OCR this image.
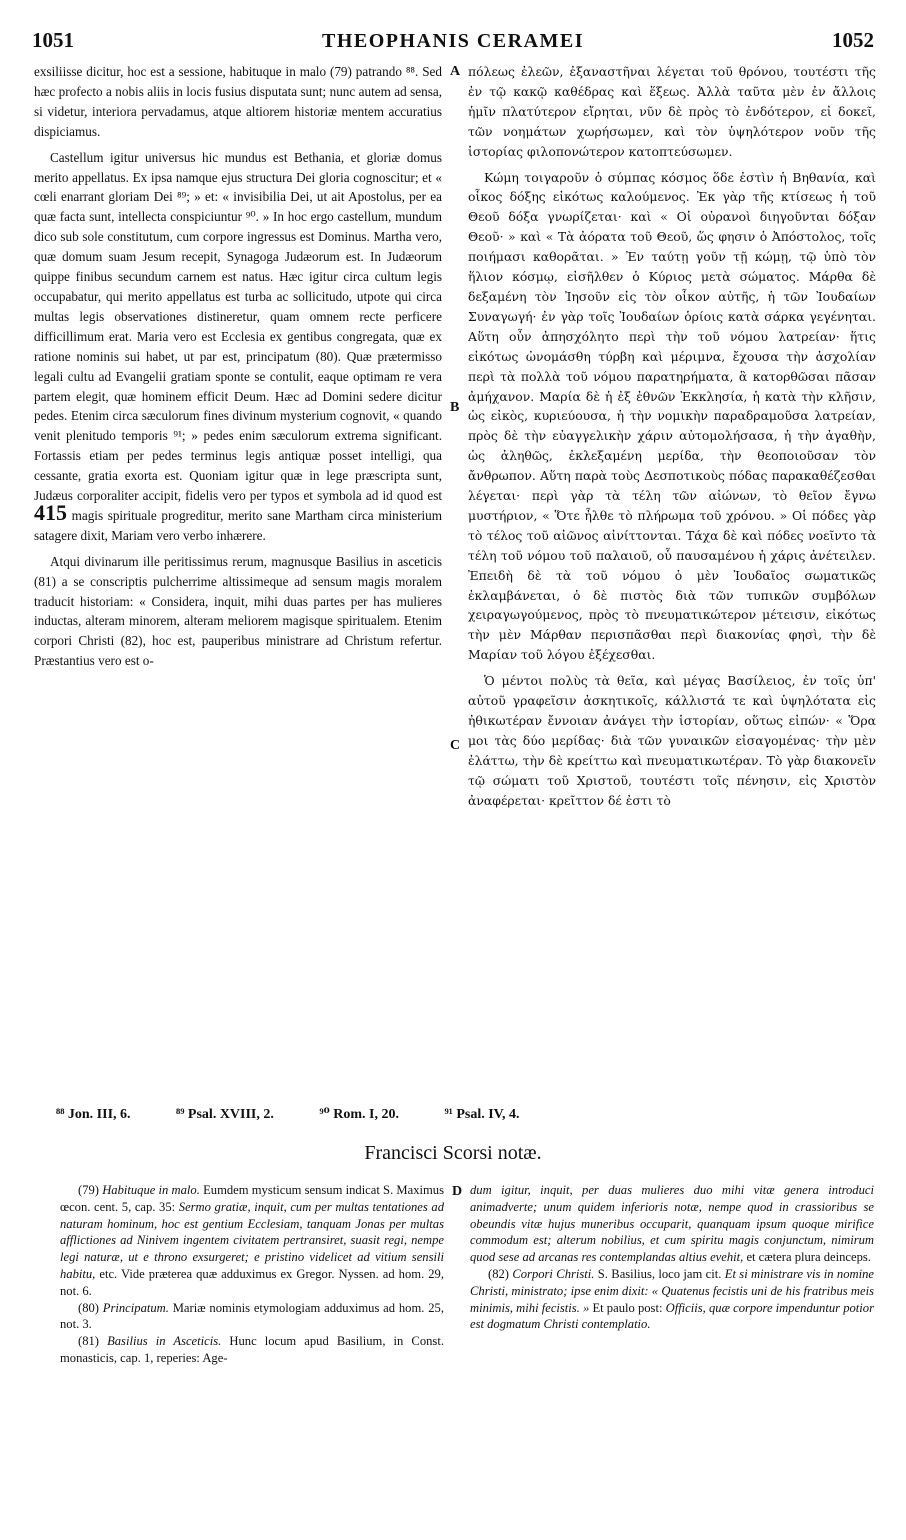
1051	THEOPHANIS CERAMEI	1052
A
B
C
D

exsiliisse dicitur, hoc est a sessione, habituque in malo (79) patrando ⁸⁸. Sed hæc profecto a nobis aliis in locis fusius disputata sunt; nunc autem ad sensa, si videtur, interiora pervadamus, atque altiorem historiæ mentem accuratius dispiciamus.

Castellum igitur universus hic mundus est Bethania, et gloriæ domus merito appellatus. Ex ipsa namque ejus structura Dei gloria cognoscitur; et « cœli enarrant gloriam Dei ⁸⁹; » et: « invisibilia Dei, ut ait Apostolus, per ea quæ facta sunt, intellecta conspiciuntur ⁹⁰. » In hoc ergo castellum, mundum dico sub sole constitutum, cum corpore ingressus est Dominus. Martha vero, quæ domum suam Jesum recepit, Synagoga Judæorum est. In Judæorum quippe finibus secundum carnem est natus. Hæc igitur circa cultum legis occupabatur, qui merito appellatus est turba ac sollicitudo, utpote qui circa multas legis observationes distineretur, quam omnem recte perficere difficillimum erat. Maria vero est Ecclesia ex gentibus congregata, quæ ex ratione nominis sui habet, ut par est, principatum (80). Quæ prætermisso legali cultu ad Evangelii gratiam sponte se contulit, eaque optimam re vera partem elegit, quæ hominem efficit Deum. Hæc ad Domini sedere dicitur pedes. Etenim circa sæculorum fines divinum mysterium cognovit, « quando venit plenitudo temporis ⁹¹; » pedes enim sæculorum extrema significant. Fortassis etiam per pedes terminus legis antiquæ posset intelligi, qua cessante, gratia exorta est. Quoniam igitur quæ in lege præscripta sunt, Judæus corporaliter accipit, fidelis vero per typos et symbola ad id quod est 415 magis spirituale progreditur, merito sane Martham circa ministerium satagere dixit, Mariam vero verbo inhærere.

Atqui divinarum ille peritissimus rerum, magnusque Basilius in asceticis (81) a se conscriptis pulcherrime altissimeque ad sensum magis moralem traducit historiam: « Considera, inquit, mihi duas partes per has mulieres inductas, alteram minorem, alteram meliorem magisque spiritualem. Etenim corpori Christi (82), hoc est, pauperibus ministrare ad Christum refertur. Præstantius vero est o-

πόλεως ἐλεῶν, ἐξαναστῆναι λέγεται τοῦ θρόνου, τουτέστι τῆς ἐν τῷ κακῷ καθέδρας καὶ ἕξεως. Ἀλλὰ ταῦτα μὲν ἐν ἄλλοις ἡμῖν πλατύτερον εἴρηται, νῦν δὲ πρὸς τὸ ἐνδότερον, εἰ δοκεῖ, τῶν νοημάτων χωρήσωμεν, καὶ τὸν ὑψηλότερον νοῦν τῆς ἱστορίας φιλοπονώτερον κατοπτεύσωμεν.

Κώμη τοιγαροῦν ὁ σύμπας κόσμος ὅδε ἐστὶν ἡ Βηθανία, καὶ οἶκος δόξης εἰκότως καλούμενος. Ἐκ γὰρ τῆς κτίσεως ἡ τοῦ Θεοῦ δόξα γνωρίζεται· καὶ « Οἱ οὐρανοὶ διηγοῦνται δόξαν Θεοῦ· » καὶ « Τὰ ἀόρατα τοῦ Θεοῦ, ὥς φησιν ὁ Ἀπόστολος, τοῖς ποιήμασι καθορᾶται. » Ἐν ταύτῃ γοῦν τῇ κώμῃ, τῷ ὑπὸ τὸν ἥλιον κόσμῳ, εἰσῆλθεν ὁ Κύριος μετὰ σώματος. Μάρθα δὲ δεξαμένη τὸν Ἰησοῦν εἰς τὸν οἶκον αὐτῆς, ἡ τῶν Ἰουδαίων Συναγωγή· ἐν γὰρ τοῖς Ἰουδαίων ὁρίοις κατὰ σάρκα γεγένηται. Αὕτη οὖν ἀπησχόλητο περὶ τὴν τοῦ νόμου λατρείαν· ἥτις εἰκότως ὠνομάσθη τύρβη καὶ μέριμνα, ἔχουσα τὴν ἀσχολίαν περὶ τὰ πολλὰ τοῦ νόμου παρατηρήματα, ἃ κατορθῶσαι πᾶσαν ἀμήχανον. Μαρία δὲ ἡ ἐξ ἐθνῶν Ἐκκλησία, ἡ κατὰ τὴν κλῆσιν, ὡς εἰκὸς, κυριεύουσα, ἡ τὴν νομικὴν παραδραμοῦσα λατρείαν, πρὸς δὲ τὴν εὐαγγελικὴν χάριν αὐτομολήσασα, ἡ τὴν ἀγαθὴν, ὡς ἀληθῶς, ἐκλεξαμένη μερίδα, τὴν θεοποιοῦσαν τὸν ἄνθρωπον. Αὕτη παρὰ τοὺς Δεσποτικοὺς πόδας παρακαθέζεσθαι λέγεται· περὶ γὰρ τὰ τέλη τῶν αἰώνων, τὸ θεῖον ἔγνω μυστήριον, « Ὅτε ἦλθε τὸ πλήρωμα τοῦ χρόνου. » Οἱ πόδες γὰρ τὸ τέλος τοῦ αἰῶνος αἰνίττονται. Τάχα δὲ καὶ πόδες νοεῖντο τὰ τέλη τοῦ νόμου τοῦ παλαιοῦ, οὗ παυσαμένου ἡ χάρις ἀνέτειλεν. Ἐπειδὴ δὲ τὰ τοῦ νόμου ὁ μὲν Ἰουδαῖος σωματικῶς ἐκλαμβάνεται, ὁ δὲ πιστὸς διὰ τῶν τυπικῶν συμβόλων χειραγωγούμενος, πρὸς τὸ πνευματικώτερον μέτεισιν, εἰκότως τὴν μὲν Μάρθαν περισπᾶσθαι περὶ διακονίας φησὶ, τὴν δὲ Μαρίαν τοῦ λόγου ἐξέχεσθαι.

Ὁ μέντοι πολὺς τὰ θεῖα, καὶ μέγας Βασίλειος, ἐν τοῖς ὑπ' αὐτοῦ γραφεῖσιν ἀσκητικοῖς, κάλλιστά τε καὶ ὑψηλότατα εἰς ἠθικωτέραν ἔννοιαν ἀνάγει τὴν ἱστορίαν, οὕτως εἰπών· « Ὅρα μοι τὰς δύο μερίδας· διὰ τῶν γυναικῶν εἰσαγομένας· τὴν μὲν ἐλάττω, τὴν δὲ κρείττω καὶ πνευματικωτέραν. Τὸ γὰρ διακονεῖν τῷ σώματι τοῦ Χριστοῦ, τουτέστι τοῖς πένησιν, εἰς Χριστὸν ἀναφέρεται· κρεῖττον δέ ἐστι τὸ

⁸⁸ Jon. III, 6.	⁸⁹ Psal. XVIII, 2.	⁹⁰ Rom. I, 20.	⁹¹ Psal. IV, 4.
Francisci Scorsi notæ.

(79) Habituque in malo. Eumdem mysticum sensum indicat S. Maximus œcon. cent. 5, cap. 35: Sermo gratiæ, inquit, cum per multas tentationes ad naturam hominum, hoc est gentium Ecclesiam, tanquam Jonas per multas afflictiones ad Ninivem ingentem civitatem pertransiret, suasit regi, nempe legi naturæ, ut e throno exsurgeret; e pristino videlicet ad vitium sensili habitu, etc. Vide præterea quæ adduximus ex Gregor. Nyssen. ad hom. 29, not. 6.

(80) Principatum. Mariæ nominis etymologiam adduximus ad hom. 25, not. 3.

(81) Basilius in Asceticis. Hunc locum apud Basilium, in Const. monasticis, cap. 1, reperies: Age-

dum igitur, inquit, per duas mulieres duo mihi vitæ genera introduci animadverte; unum quidem inferioris notæ, nempe quod in crassioribus se obeundis vitæ hujus muneribus occuparit, quanquam ipsum quoque mirifice commodum est; alterum nobilius, et cum spiritu magis conjunctum, nimirum quod sese ad arcanas res contemplandas altius evehit, et cætera plura deinceps.

(82) Corpori Christi. S. Basilius, loco jam cit. Et si ministrare vis in nomine Christi, ministrato; ipse enim dixit: « Quatenus fecistis uni de his fratribus meis minimis, mihi fecistis. » Et paulo post: Officiis, quæ corpore impenduntur potior est dogmatum Christi contemplatio.
